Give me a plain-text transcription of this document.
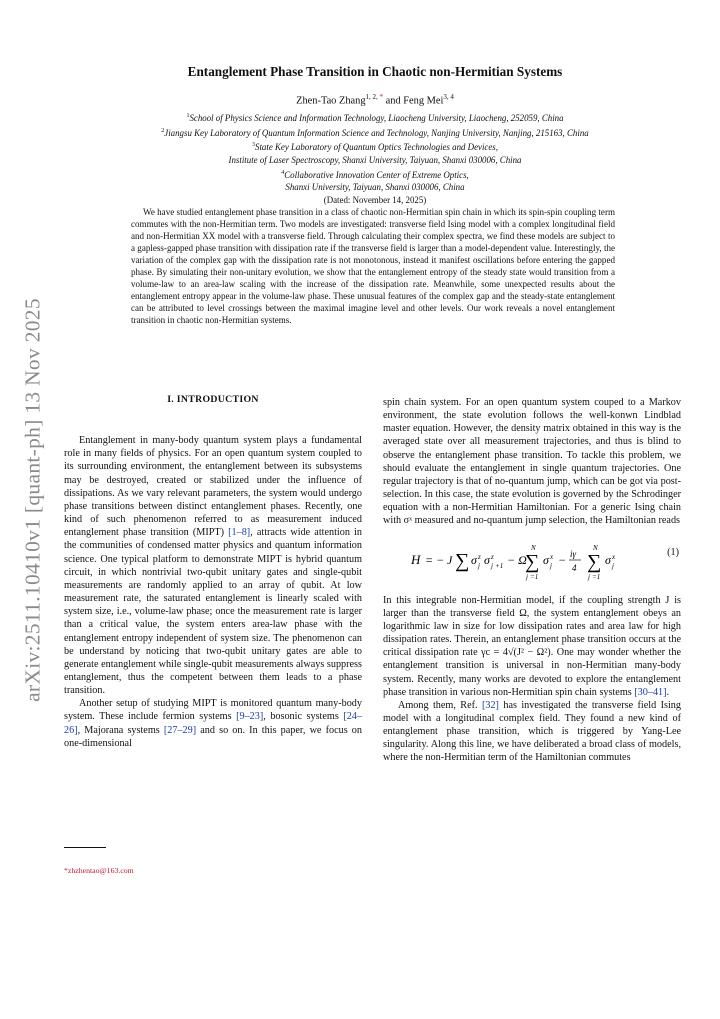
arXiv:2511.10410v1 [quant-ph] 13 Nov 2025
Entanglement Phase Transition in Chaotic non-Hermitian Systems
Zhen-Tao Zhang$^{1, 2, *}$ and Feng Mei$^{3, 4}$
$^1$School of Physics Science and Information Technology, Liaocheng University, Liaocheng, 252059, China
$^2$Jiangsu Key Laboratory of Quantum Information Science and Technology, Nanjing University, Nanjing, 215163, China
$^3$State Key Laboratory of Quantum Optics Technologies and Devices,
Institute of Laser Spectroscopy, Shanxi University, Taiyuan, Shanxi 030006, China
$^4$Collaborative Innovation Center of Extreme Optics,
Shanxi University, Taiyuan, Shanxi 030006, China
(Dated: November 14, 2025)
We have studied entanglement phase transition in a class of chaotic non-Hermitian spin chain in which its spin-spin coupling term commutes with the non-Hermitian term. Two models are investigated: transverse field Ising model with a complex longitudinal field and non-Hermitian XX model with a transverse field. Through calculating their complex spectra, we find these models are subject to a gapless-gapped phase transition with dissipation rate if the transverse field is larger than a model-dependent value. Interestingly, the variation of the complex gap with the dissipation rate is not monotonous, instead it manifest oscillations before entering the gapped phase. By simulating their non-unitary evolution, we show that the entanglement entropy of the steady state would transition from a volume-law to an area-law scaling with the increase of the dissipation rate. Meanwhile, some unexpected results about the entanglement entropy appear in the volume-law phase. These unusual features of the complex gap and the steady-state entanglement can be attributed to level crossings between the maximal imagine level and other levels. Our work reveals a novel entanglement transition in chaotic non-Hermitian systems.
I. INTRODUCTION

Entanglement in many-body quantum system plays a fundamental role in many fields of physics. For an open quantum system coupled to its surrounding environment, the entanglement between its subsystems may be destroyed, created or stabilized under the influence of dissipations. As we vary relevant parameters, the system would undergo phase transitions between distinct entanglement phases. Recently, one kind of such phenomenon referred to as measurement induced entanglement phase transition (MIPT) [1–8], attracts wide attention in the communities of condensed matter physics and quantum information science. One typical platform to demonstrate MIPT is hybrid quantum circuit, in which nontrivial two-qubit unitary gates and single-qubit measurements are randomly applied to an array of qubit. At low measurement rate, the saturated entanglement is linearly scaled with system size, i.e., volume-law phase; once the measurement rate is larger than a critical value, the system enters area-law phase with the entanglement entropy independent of system size. The phenomenon can be understand by noticing that two-qubit unitary gates are able to generate entanglement while single-qubit measurements always suppress entanglement, thus the competent between them leads to a phase transition.

Another setup of studying MIPT is monitored quantum many-body system. These include fermion systems [9–23], bosonic systems [24–26], Majorana systems [27–29] and so on. In this paper, we focus on one-dimensional

spin chain system. For an open quantum system couped to a Markov environment, the state evolution follows the well-konwn Lindblad master equation. However, the density matrix obtained in this way is the averaged state over all measurement trajectories, and thus is blind to observe the entanglement phase transition. To tackle this problem, we should evaluate the entanglement in single quantum trajectories. One regular trajectory is that of no-quantum jump, which can be got via post-selection. In this case, the state evolution is governed by the Schrodinger equation with a non-Hermitian Hamiltonian. For a generic Ising chain with σˣ measured and no-quantum jump selection, the Hamiltonian reads

H = − J ∑ σ z
j σ z
j +1 − Ω
N
∑
j =1
σ x
j − iγ
4
N
∑
j =1
σ x
j
(1)

In this integrable non-Hermitian model, if the coupling strength J is larger than the transverse field Ω, the system entanglement obeys an logarithmic law in size for low dissipation rates and area law for high dissipation rates. Therein, an entanglement phase transition occurs at the critical dissipation rate γc = 4√(J² − Ω²). One may wonder whether the entanglement transition is universal in non-Hermitian many-body system. Recently, many works are devoted to explore the entanglement phase transition in various non-Hermitian spin chain systems [30–41].

Among them, Ref. [32] has investigated the transverse field Ising model with a longitudinal complex field. They found a new kind of entanglement phase transition, which is triggered by Yang-Lee singularity. Along this line, we have deliberated a broad class of models, where the non-Hermitian term of the Hamiltonian commutes

*zhzhentao@163.com
